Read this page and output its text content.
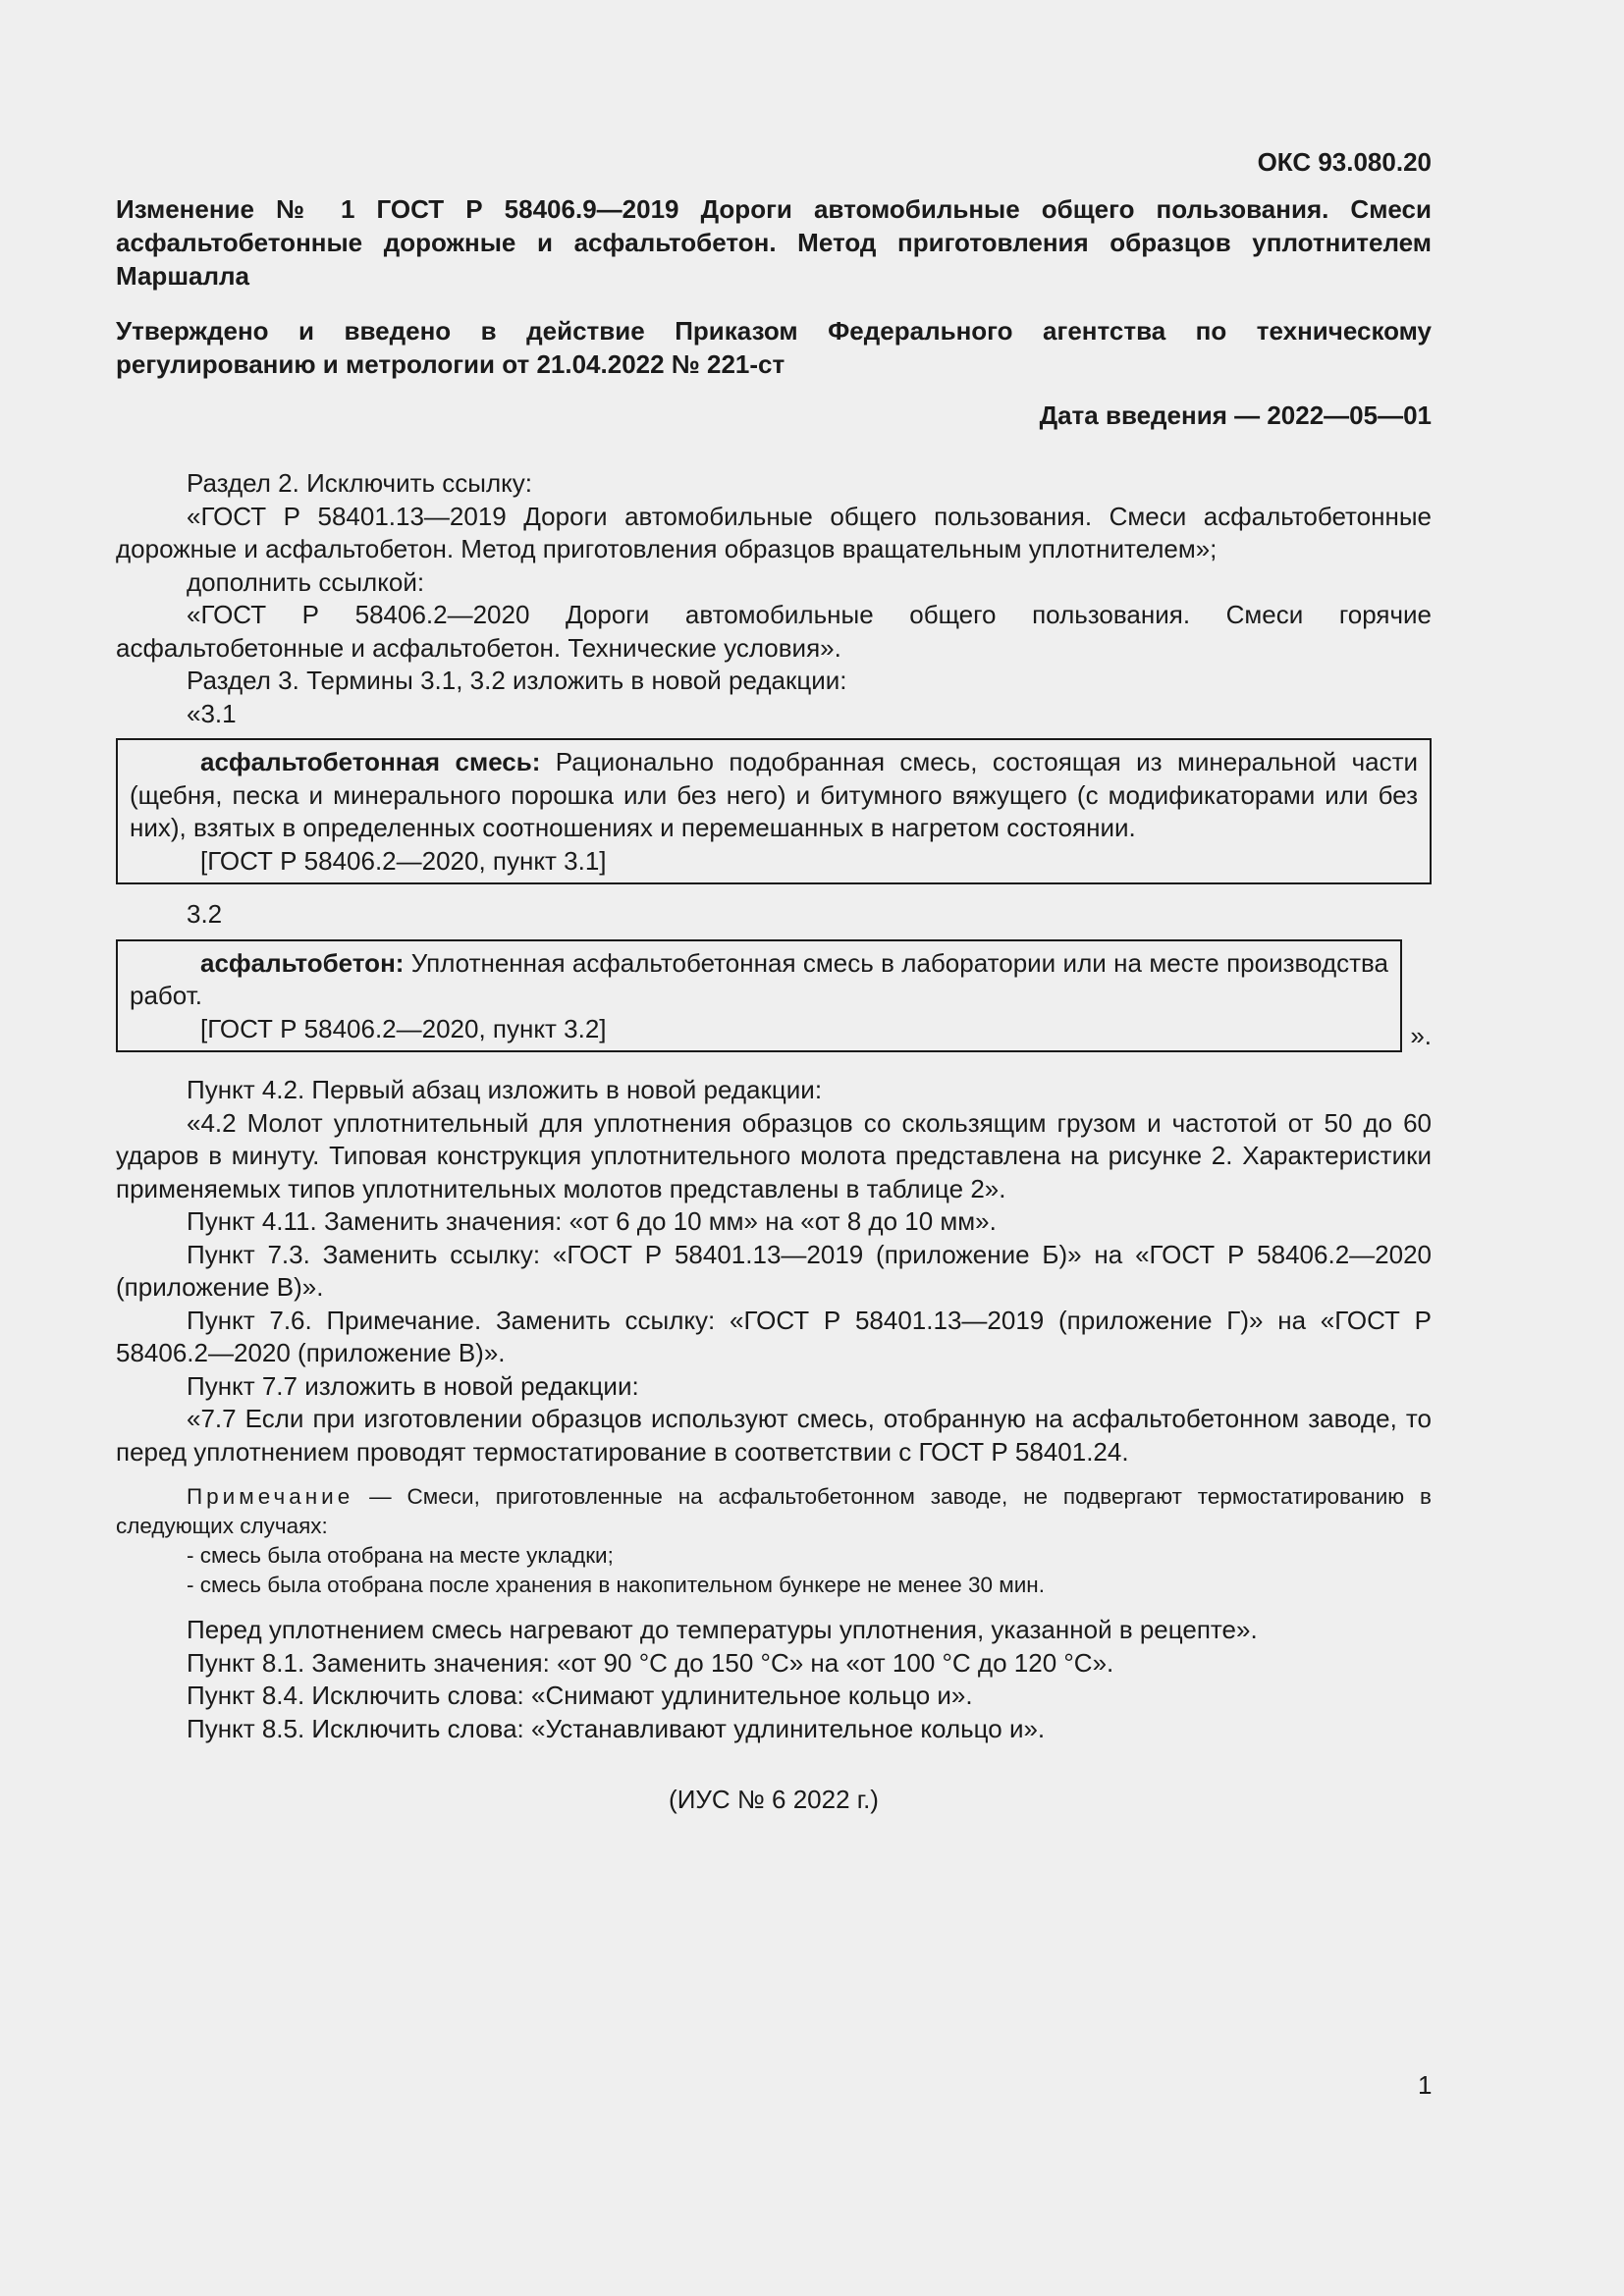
ОКС 93.080.20
Изменение № 1 ГОСТ Р 58406.9—2019 Дороги автомобильные общего пользования. Смеси асфальтобетонные дорожные и асфальтобетон. Метод приготовления образцов уплотнителем Маршалла
Утверждено и введено в действие Приказом Федерального агентства по техническому регулированию и метрологии от 21.04.2022 № 221-ст
Дата введения — 2022—05—01

Раздел 2. Исключить ссылку:

«ГОСТ Р 58401.13—2019 Дороги автомобильные общего пользования. Смеси асфальтобетонные дорожные и асфальтобетон. Метод приготовления образцов вращательным уплотнителем»;

дополнить ссылкой:

«ГОСТ Р 58406.2—2020 Дороги автомобильные общего пользования. Смеси горячие асфальтобетонные и асфальтобетон. Технические условия».

Раздел 3. Термины 3.1, 3.2 изложить в новой редакции:

«3.1

асфальтобетонная смесь: Рационально подобранная смесь, состоящая из минеральной части (щебня, песка и минерального порошка или без него) и битумного вяжущего (с модификаторами или без них), взятых в определенных соотношениях и перемешанных в нагретом состоянии.

[ГОСТ Р 58406.2—2020, пункт 3.1]

3.2

асфальтобетон: Уплотненная асфальтобетонная смесь в лаборатории или на месте производства работ.

[ГОСТ Р 58406.2—2020, пункт 3.2]	».

Пункт 4.2. Первый абзац изложить в новой редакции:

«4.2 Молот уплотнительный для уплотнения образцов со скользящим грузом и частотой от 50 до 60 ударов в минуту. Типовая конструкция уплотнительного молота представлена на рисунке 2. Характеристики применяемых типов уплотнительных молотов представлены в таблице 2».

Пункт 4.11. Заменить значения: «от 6 до 10 мм» на «от 8 до 10 мм».

Пункт 7.3. Заменить ссылку: «ГОСТ Р 58401.13—2019 (приложение Б)» на «ГОСТ Р 58406.2—2020 (приложение В)».

Пункт 7.6. Примечание. Заменить ссылку: «ГОСТ Р 58401.13—2019 (приложение Г)» на «ГОСТ Р 58406.2—2020 (приложение В)».

Пункт 7.7 изложить в новой редакции:

«7.7 Если при изготовлении образцов используют смесь, отобранную на асфальтобетонном заводе, то перед уплотнением проводят термостатирование в соответствии с ГОСТ Р 58401.24.

Примечание — Смеси, приготовленные на асфальтобетонном заводе, не подвергают термостатированию в следующих случаях:

- смесь была отобрана на месте укладки;

- смесь была отобрана после хранения в накопительном бункере не менее 30 мин.

Перед уплотнением смесь нагревают до температуры уплотнения, указанной в рецепте».

Пункт 8.1. Заменить значения: «от 90 °С до 150 °С» на «от 100 °С до 120 °С».

Пункт 8.4. Исключить слова: «Снимают удлинительное кольцо и».

Пункт 8.5. Исключить слова: «Устанавливают удлинительное кольцо и».

(ИУС № 6 2022 г.)
1
